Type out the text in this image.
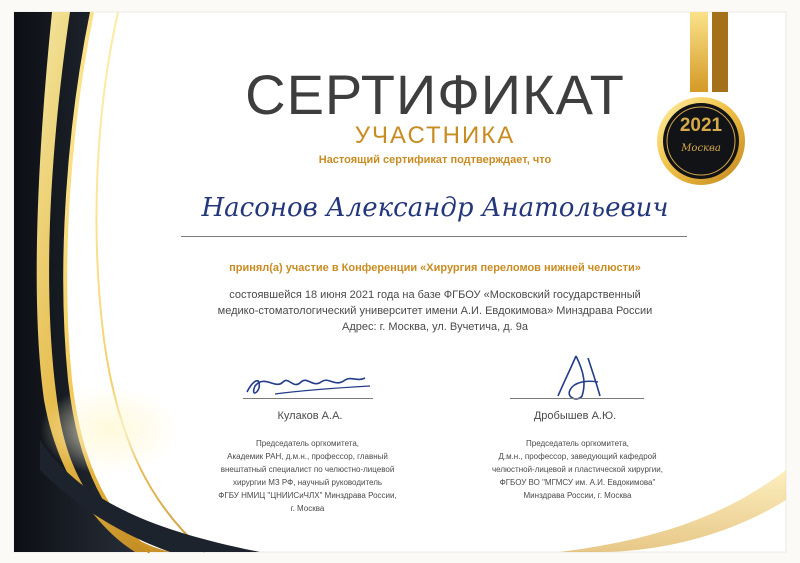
СЕРТИФИКАТ
УЧАСТНИКА
Настоящий сертификат подтверждает, что
Насонов Александр Анатольевич
принял(а) участие в Конференции «Хирургия переломов нижней челюсти»
состоявшейся 18 июня 2021 года на базе ФГБОУ «Московский государственный
медико-стоматологический университет имени А.И. Евдокимова» Минздрава России
Адрес: г. Москва, ул. Вучетича, д. 9а
2021
Москва
Кулаков А.А.
Председатель оргкомитета,
Академик РАН, д.м.н., профессор, главный
внештатный специалист по челюстно-лицевой
хирургии МЗ РФ, научный руководитель
ФГБУ НМИЦ "ЦНИИСиЧЛХ" Минздрава России,
г. Москва
Дробышев А.Ю.
Председатель оргкомитета,
Д.м.н., профессор, заведующий кафедрой
челюстной-лицевой и пластической хирургии,
ФГБОУ ВО "МГМСУ им. А.И. Евдокимова"
Минздрава России, г. Москва
